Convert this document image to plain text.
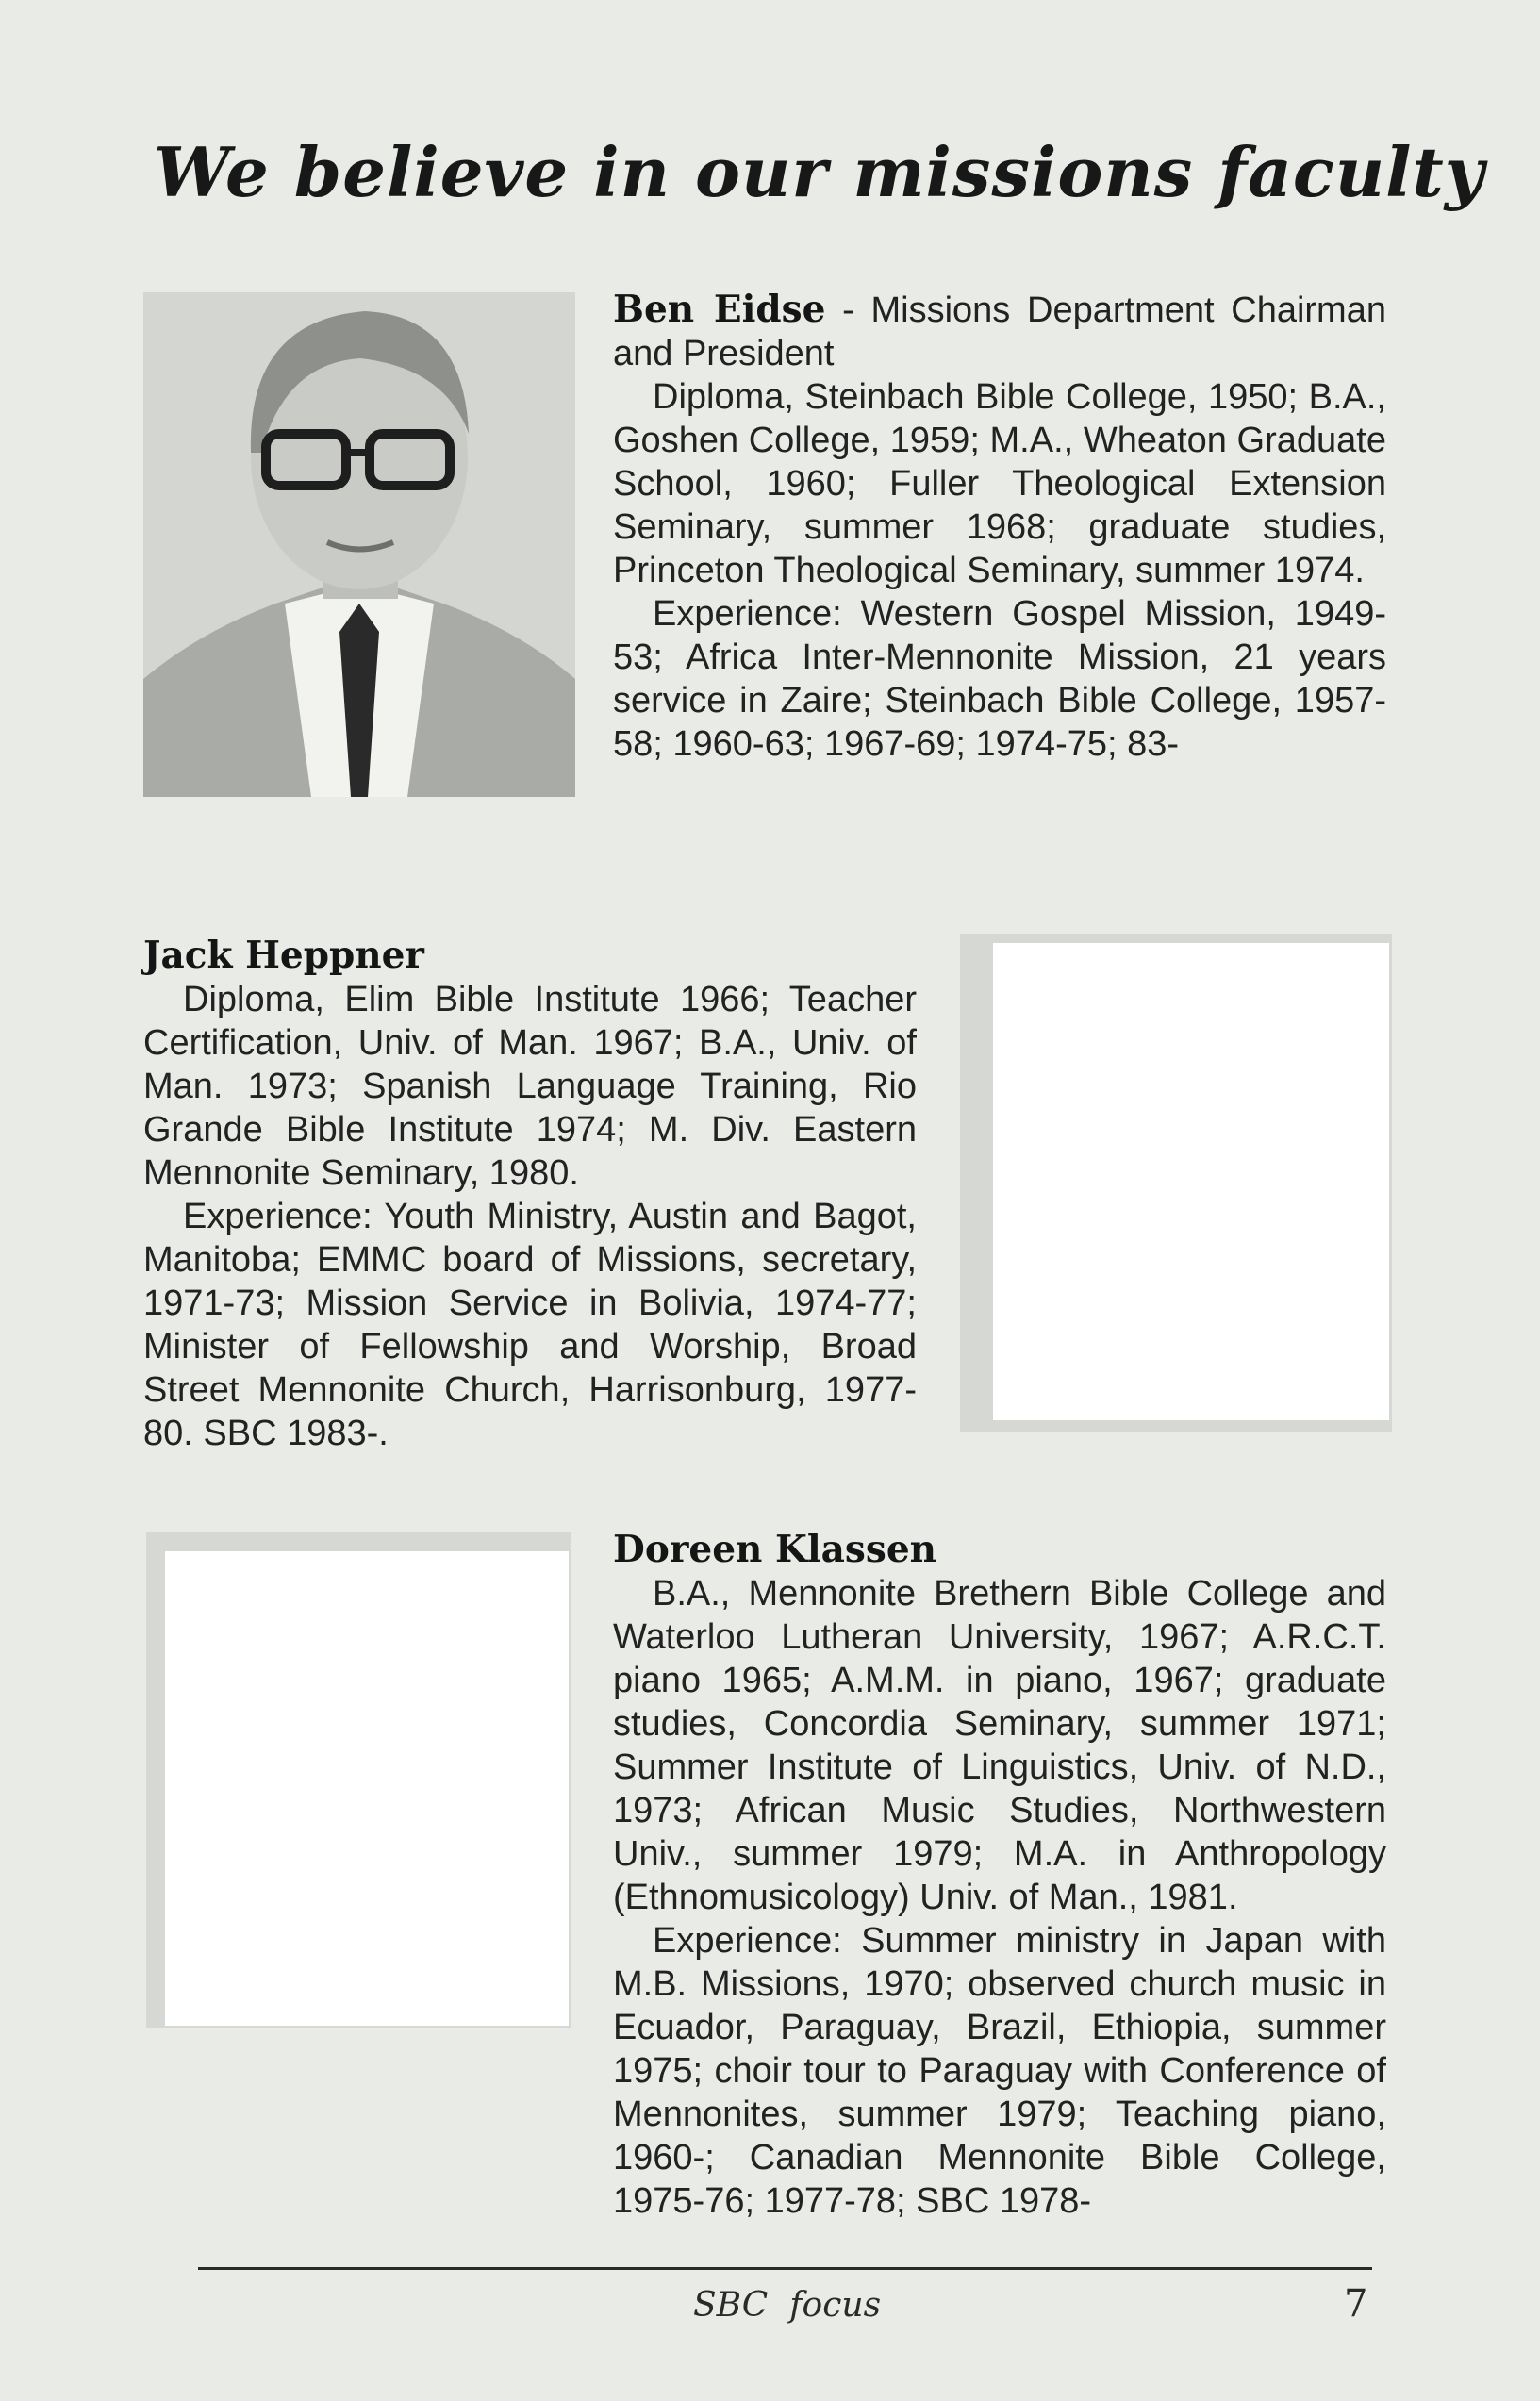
We believe in our missions faculty

Ben Eidse - Missions Department Chairman and President

Diploma, Steinbach Bible College, 1950; B.A., Goshen College, 1959; M.A., Wheaton Graduate School, 1960; Fuller Theological Extension Seminary, summer 1968; graduate studies, Princeton Theological Seminary, summer 1974.

Experience: Western Gospel Mission, 1949-53; Africa Inter-Mennonite Mission, 21 years service in Zaire; Steinbach Bible College, 1957-58; 1960-63; 1967-69; 1974-75; 83-

Jack Heppner

Diploma, Elim Bible Institute 1966; Teacher Certification, Univ. of Man. 1967; B.A., Univ. of Man. 1973; Spanish Language Training, Rio Grande Bible Institute 1974; M. Div. Eastern Mennonite Seminary, 1980.

Experience: Youth Ministry, Austin and Bagot, Manitoba; EMMC board of Missions, secretary, 1971-73; Mission Service in Bolivia, 1974-77; Minister of Fellowship and Worship, Broad Street Mennonite Church, Harrisonburg, 1977-80. SBC 1983-.

Doreen Klassen

B.A., Mennonite Brethern Bible College and Waterloo Lutheran University, 1967; A.R.C.T. piano 1965; A.M.M. in piano, 1967; graduate studies, Concordia Seminary, summer 1971; Summer Institute of Linguistics, Univ. of N.D., 1973; African Music Studies, Northwestern Univ., summer 1979; M.A. in Anthropology (Ethnomusicology) Univ. of Man., 1981.

Experience: Summer ministry in Japan with M.B. Missions, 1970; observed church music in Ecuador, Paraguay, Brazil, Ethiopia, summer 1975; choir tour to Paraguay with Conference of Mennonites, summer 1979; Teaching piano, 1960-; Canadian Mennonite Bible College, 1975-76; 1977-78; SBC 1978-

SBC  focus	7
